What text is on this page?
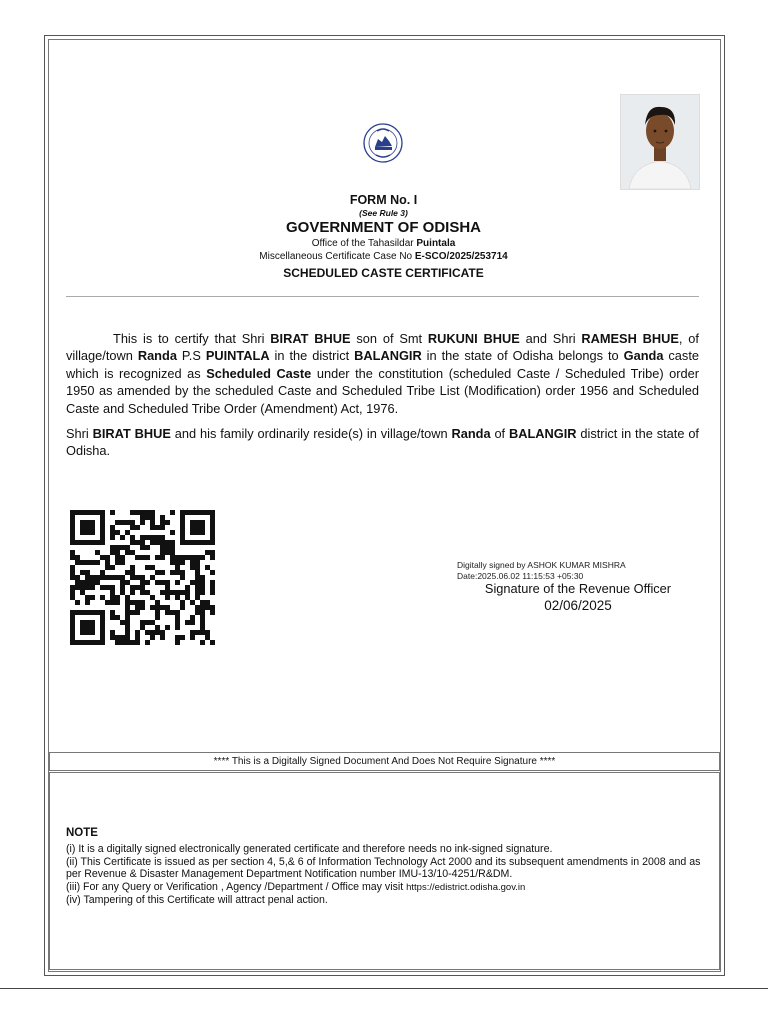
FORM No. I
(See Rule 3)
GOVERNMENT OF ODISHA
Office of the Tahasildar Puintala
Miscellaneous Certificate Case No E-SCO/2025/253714
SCHEDULED CASTE CERTIFICATE
This is to certify that Shri BIRAT BHUE son of Smt RUKUNI BHUE and Shri RAMESH BHUE, of village/town Randa P.S PUINTALA in the district BALANGIR in the state of Odisha belongs to Ganda caste which is recognized as Scheduled Caste under the constitution (scheduled Caste / Scheduled Tribe) order 1950 as amended by the scheduled Caste and Scheduled Tribe List (Modification) order 1956 and Scheduled Caste and Scheduled Tribe Order (Amendment) Act, 1976.
Shri BIRAT BHUE and his family ordinarily reside(s) in village/town Randa of BALANGIR district in the state of Odisha.
Digitally signed by ASHOK KUMAR MISHRA
Date:2025.06.02 11:15:53 +05:30
Signature of the Revenue Officer
02/06/2025
**** This is a Digitally Signed Document And Does Not Require Signature ****
NOTE
(i) It is a digitally signed electronically generated certificate and therefore needs no ink-signed signature.
(ii) This Certificate is issued as per section 4, 5,& 6 of Information Technology Act 2000 and its subsequent amendments in 2008 and as per Revenue & Disaster Management Department Notification number IMU-13/10-4251/R&DM.
(iii) For any Query or Verification , Agency /Department / Office may visit https://edistrict.odisha.gov.in
(iv) Tampering of this Certificate will attract penal action.
